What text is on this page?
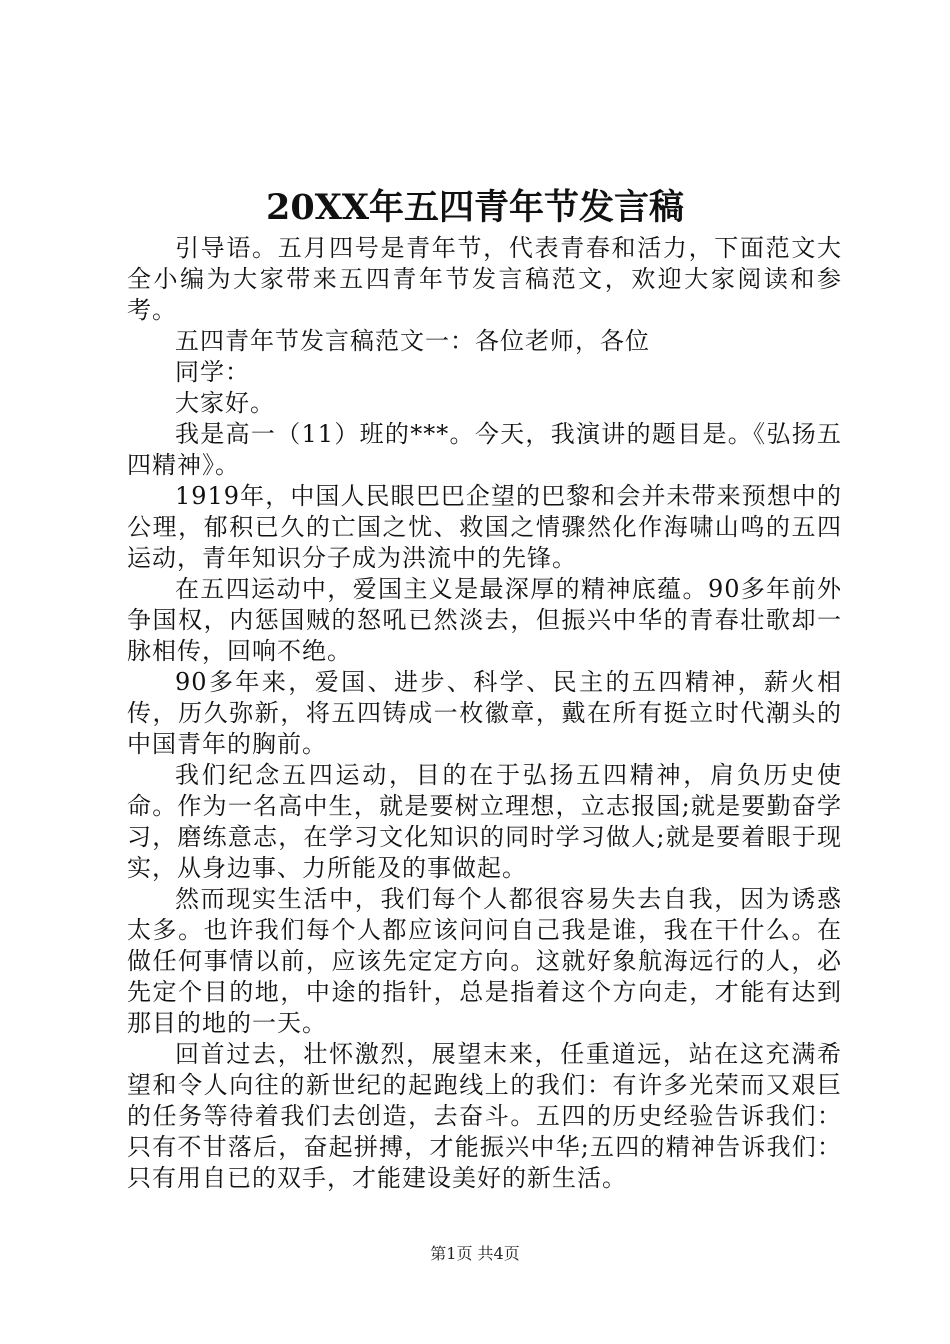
20XX年五四青年节发言稿

引导语。五月四号是青年节，代表青春和活力，下面范文大全小编为大家带来五四青年节发言稿范文，欢迎大家阅读和参考。

五四青年节发言稿范文一：各位老师，各位

同学：

大家好。

我是高一（11）班的***。今天，我演讲的题目是。《弘扬五四精神》。

1919年，中国人民眼巴巴企望的巴黎和会并未带来预想中的公理，郁积已久的亡国之忧、救国之情骤然化作海啸山鸣的五四运动，青年知识分子成为洪流中的先锋。

在五四运动中，爱国主义是最深厚的精神底蕴。90多年前外争国权，内惩国贼的怒吼已然淡去，但振兴中华的青春壮歌却一脉相传，回响不绝。

90多年来，爱国、进步、科学、民主的五四精神，薪火相传，历久弥新，将五四铸成一枚徽章，戴在所有挺立时代潮头的中国青年的胸前。

我们纪念五四运动，目的在于弘扬五四精神，肩负历史使命。作为一名高中生，就是要树立理想，立志报国;就是要勤奋学习，磨练意志，在学习文化知识的同时学习做人;就是要着眼于现实，从身边事、力所能及的事做起。

然而现实生活中，我们每个人都很容易失去自我，因为诱惑太多。也许我们每个人都应该问问自己我是谁，我在干什么。在做任何事情以前，应该先定定方向。这就好象航海远行的人，必先定个目的地，中途的指针，总是指着这个方向走，才能有达到那目的地的一天。

回首过去，壮怀激烈，展望末来，任重道远，站在这充满希望和令人向往的新世纪的起跑线上的我们：有许多光荣而又艰巨的任务等待着我们去创造，去奋斗。五四的历史经验告诉我们：只有不甘落后，奋起拼搏，才能振兴中华;五四的精神告诉我们：只有用自已的双手，才能建设美好的新生活。

第1页 共4页
